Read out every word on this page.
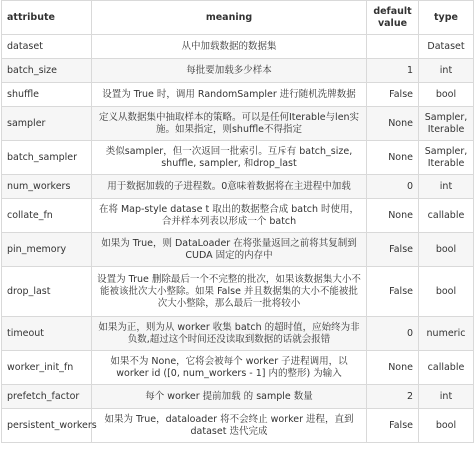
attribute	meaning	default value	type
dataset	从中加载数据的数据集		Dataset
batch_size	每批要加载多少样本	1	int
shuffle	设置为 True 时，调用 RandomSampler 进行随机洗牌数据	False	bool
sampler	定义从数据集中抽取样本的策略。可以是任何Iterable与len实施。如果指定，则shuffle不得指定	None	Sampler, Iterable
batch_sampler	类似sampler，但一次返回一批索引。互斥有 batch_size, shuffle, sampler, 和drop_last	None	Sampler, Iterable
num_workers	用于数据加载的子进程数。0意味着数据将在主进程中加载	0	int
collate_fn	在将 Map-style datase t 取出的数据整合成 batch 时使用，合并样本列表以形成一个 batch	None	callable
pin_memory	如果为 True，则 DataLoader 在将张量返回之前将其复制到 CUDA 固定的内存中	False	bool
drop_last	设置为 True 删除最后一个不完整的批次，如果该数据集大小不能被该批次大小整除。如果 False 并且数据集的大小不能被批次大小整除，那么最后一批将较小	False	bool
timeout	如果为正，则为从 worker 收集 batch 的超时值，应始终为非负数,超过这个时间还没读取到数据的话就会报错	0	numeric
worker_init_fn	如果不为 None，它将会被每个 worker 子进程调用，以 worker id ([0, num_workers - 1] 内的整形) 为输入	None	callable
prefetch_factor	每个 worker 提前加载 的 sample 数量	2	int
persistent_workers	如果为 True，dataloader 将不会终止 worker 进程，直到 dataset 迭代完成	False	bool
